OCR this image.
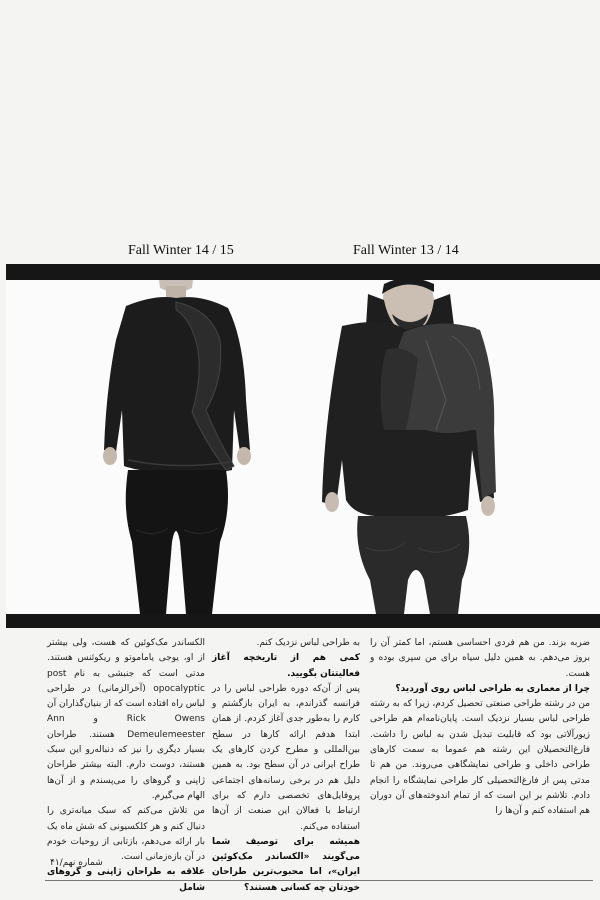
Fall Winter 14 / 15	Fall Winter 13 / 14

ضربه بزند. من هم فردی احساسی هستم، اما کمتر آن را بروز می‌دهم. به همین دلیل سیاه برای من سپری بوده و هست.

چرا از معماری به طراحی لباس روی آوردید؟

من در رشته طراحی صنعتی تحصیل کردم، زیرا که به رشته طراحی لباس بسیار نزدیک است. پایان‌نامه‌ام هم طراحی زیورآلاتی بود که قابلیت تبدیل شدن به لباس را داشت. فارغ‌التحصیلان این رشته هم عموما به سمت کارهای طراحی داخلی و طراحی نمایشگاهی می‌روند. من هم تا مدتی پس از فارغ‌التحصیلی کار طراحی نمایشگاه را انجام دادم. تلاشم بر این است که از تمام اندوخته‌های آن دوران هم استفاده کنم و آن‌ها را

به طراحی لباس نزدیک کنم.

کمی هم از تاریخچه آغاز فعالیتتان بگویید.

پس از آن‌که دوره طراحی لباس را در فرانسه گذراندم، به ایران بازگشتم و کارم را به‌طور جدی آغاز کردم. از همان ابتدا هدفم ارائه کارها در سطح بین‌المللی و مطرح کردن کارهای یک طراح ایرانی در آن سطح بود. به همین دلیل هم در برخی رسانه‌های اجتماعی پروفایل‌های تخصصی دارم که برای ارتباط با فعالان این صنعت از آن‌ها استفاده می‌کنم.

همیشه برای توصیف شما می‌گویند «الکساندر مک‌کوئین ایران»، اما محبوب‌ترین طراحان خودتان چه کسانی هستند؟

الکساندر مک‌کوئین که هست، ولی بیشتر از او، یوجی یاماموتو و ریکوئنس هستند. مدتی است که جنبشی به نام post opocalyptic (آخرالزمانی) در طراحی لباس راه افتاده است که از بنیان‌گذاران آن Rick Owens و Ann Demeulemeester هستند. طراحان بسیار دیگری را نیز که دنباله‌رو این سبک هستند، دوست دارم. البته بیشتر طراحان ژاپنی و گروهای را می‌پسندم و از آن‌ها الهام می‌گیرم.

من تلاش می‌کنم که سبک میانه‌تری را دنبال کنم و هر کلکسیونی که شش ماه یک بار ارائه می‌دهم، بازتابی از روحیات خودم در آن بازه‌زمانی است.

علاقه به طراحان ژاپنی و گروهای شامل

شماره نهم/۴۱
